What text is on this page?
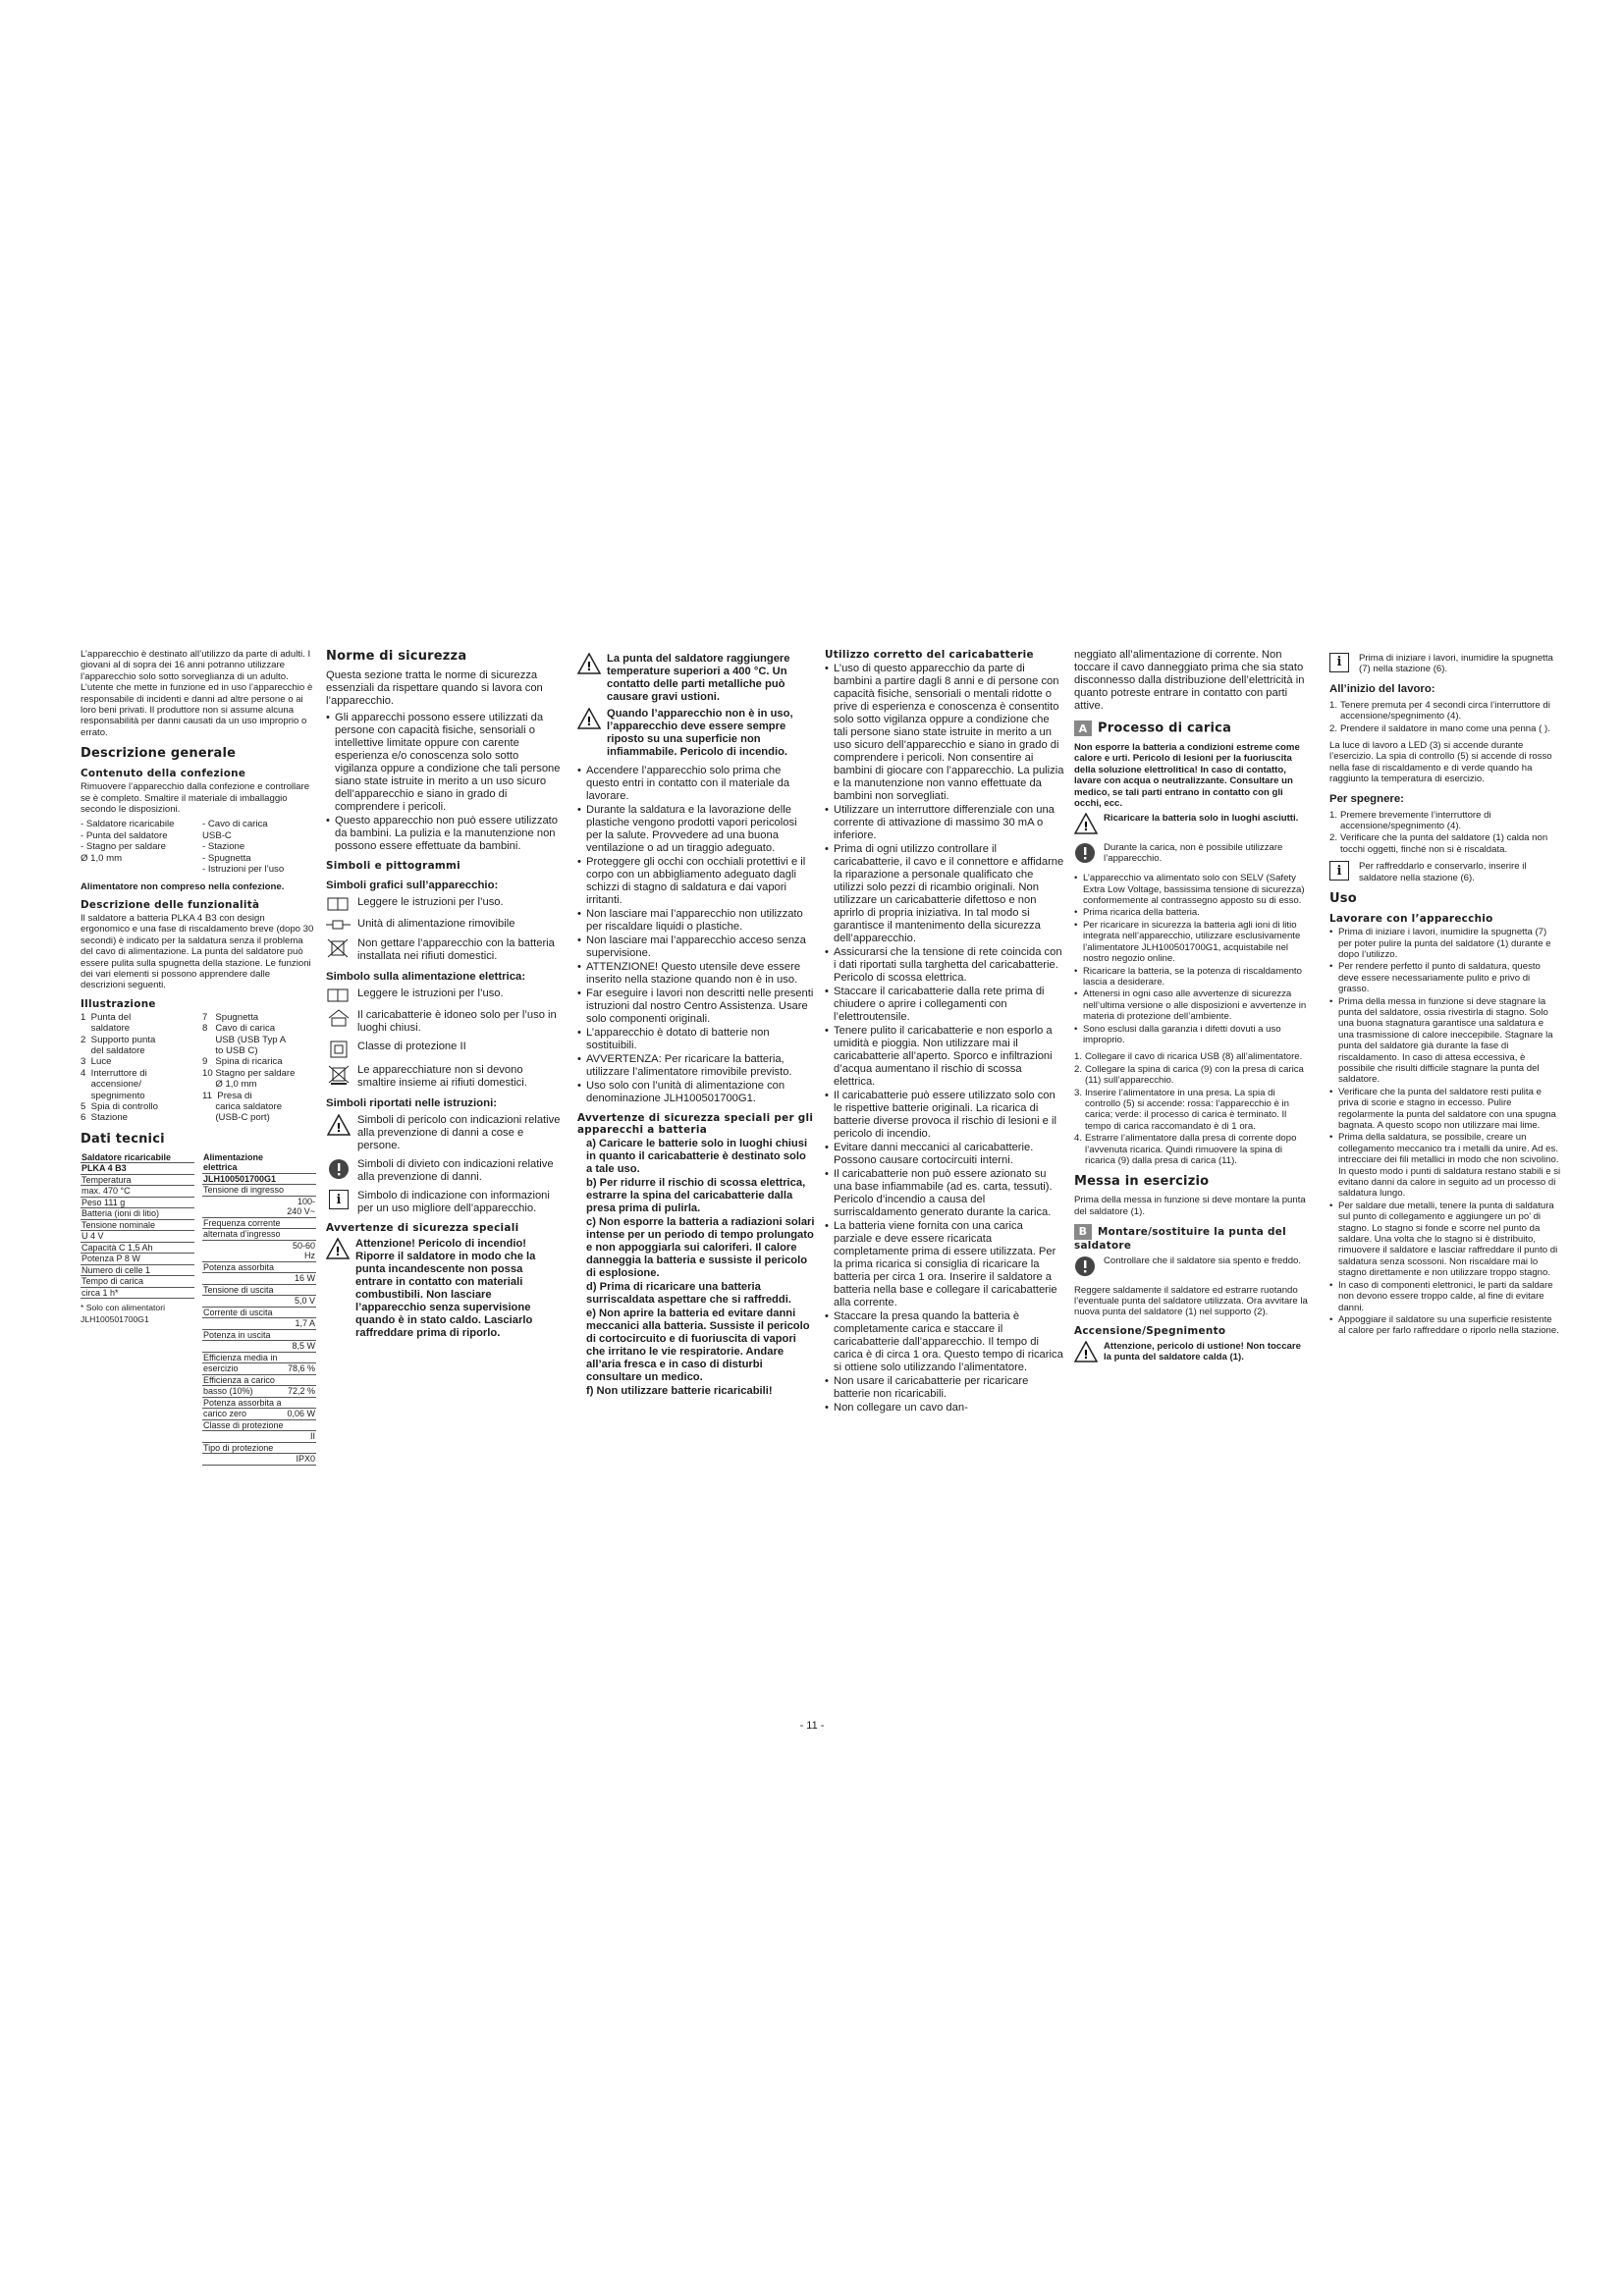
L’apparecchio è destinato all’utilizzo da parte di adulti. I giovani al di sopra dei 16 anni potranno utilizzare l’apparecchio solo sotto sorveglianza di un adulto. L’utente che mette in funzione ed in uso l’apparecchio è responsabile di incidenti e danni ad altre persone o ai loro beni privati. Il produttore non si assume alcuna responsabilità per danni causati da un uso improprio o errato.

Descrizione generale
Contenuto della confezione

Rimuovere l’apparecchio dalla confezione e controllare se è completo. Smaltire il materiale di imballaggio secondo le disposizioni.

- Saldatore ricaricabile
- Punta del saldatore
- Stagno per saldare
Ø 1,0 mm
- Cavo di carica
USB-C
- Stazione
- Spugnetta
- Istruzioni per l’uso

Alimentatore non compreso nella confezione.

Descrizione delle funzionalità

Il saldatore a batteria PLKA 4 B3 con design ergonomico e una fase di riscaldamento breve (dopo 30 secondi) è indicato per la saldatura senza il problema del cavo di alimentazione. La punta del saldatore può essere pulita sulla spugnetta della stazione. Le funzioni dei vari elementi si possono apprendere dalle descrizioni seguenti.

Illustrazione
1  Punta del
saldatore
2  Supporto punta
del saldatore
3  Luce
4  Interruttore di
accensione/
spegnimento
5  Spia di controllo
6  Stazione
7   Spugnetta
8   Cavo di carica
USB (USB Typ A
to USB C)
9   Spina di ricarica
10 Stagno per saldare
Ø 1,0 mm
11  Presa di
carica saldatore
(USB-C port)
Dati tecnici
Saldatore ricaricabile	
PLKA 4 B3	
Temperatura	
max. 470 °C	
Peso 111 g	
Batteria (ioni di litio)	
Tensione nominale	
U 4 V	
Capacità C 1,5 Ah	
Potenza P 8 W	
Numero di celle 1	
Tempo di carica	
circa 1 h*	

* Solo con alimentatori JLH100501700G1

Alimentazione elettrica	
JLH100501700G1	
Tensione di ingresso	
	100-240 V~
Frequenza corrente	
alternata d’ingresso	
	50-60 Hz
Potenza assorbita	
	16 W
Tensione di uscita	
	5,0 V
Corrente di uscita	
	1,7 A
Potenza in uscita	
	8,5 W
Efficienza media in	
esercizio	78,6 %
Efficienza a carico	
basso (10%)	72,2 %
Potenza assorbita a	
carico zero	0,06 W
Classe di protezione	
	II
Tipo di protezione	
	IPX0
Norme di sicurezza

Questa sezione tratta le norme di sicurezza essenziali da rispettare quando si lavora con l’apparecchio.

• Gli apparecchi possono essere utilizzati da persone con capacità fisiche, sensoriali o intellettive limitate oppure con carente esperienza e/o conoscenza solo sotto vigilanza oppure a condizione che tali persone siano state istruite in merito a un uso sicuro dell’apparecchio e siano in grado di comprendere i pericoli.
• Questo apparecchio non può essere utilizzato da bambini. La pulizia e la manutenzione non possono essere effettuate da bambini.
Simboli e pittogrammi
Simboli grafici sull’apparecchio:
Leggere le istruzioni per l’uso.
Unità di alimentazione rimovibile
Non gettare l’apparecchio con la batteria installata nei rifiuti domestici.
Simbolo sulla alimentazione elettrica:
Leggere le istruzioni per l’uso.
Il caricabatterie è idoneo solo per l’uso in luoghi chiusi.
Classe di protezione II
Le apparecchiature non si devono smaltire insieme ai rifiuti domestici.
Simboli riportati nelle istruzioni:
!
Simboli di pericolo con indicazioni relative alla prevenzione di danni a cose e persone.
Simboli di divieto con indicazioni relative alla prevenzione di danni.
i	Simbolo di indicazione con informazioni per un uso migliore dell’apparecchio.
Avvertenze di sicurezza speciali
!
Attenzione! Pericolo di incendio! Riporre il saldatore in modo che la punta incandescente non possa entrare in contatto con materiali combustibili. Non lasciare l’apparecchio senza supervisione quando è in stato caldo. Lasciarlo raffreddare prima di riporlo.
!
La punta del saldatore raggiungere temperature superiori a 400 °C. Un contatto delle parti metalliche può causare gravi ustioni.
!
Quando l’apparecchio non è in uso, l’apparecchio deve essere sempre riposto su una superficie non infiammabile. Pericolo di incendio.
• Accendere l’apparecchio solo prima che questo entri in contatto con il materiale da lavorare.
• Durante la saldatura e la lavorazione delle plastiche vengono prodotti vapori pericolosi per la salute. Provvedere ad una buona ventilazione o ad un tiraggio adeguato.
• Proteggere gli occhi con occhiali protettivi e il corpo con un abbigliamento adeguato dagli schizzi di stagno di saldatura e dai vapori irritanti.
• Non lasciare mai l’apparecchio non utilizzato per riscaldare liquidi o plastiche.
• Non lasciare mai l’apparecchio acceso senza supervisione.
• ATTENZIONE! Questo utensile deve essere inserito nella stazione quando non è in uso.
• Far eseguire i lavori non descritti nelle presenti istruzioni dal nostro Centro Assistenza. Usare solo componenti originali.
• L’apparecchio è dotato di batterie non sostituibili.
• AVVERTENZA: Per ricaricare la batteria, utilizzare l’alimentatore rimovibile previsto.
• Uso solo con l’unità di alimentazione con denominazione JLH100501700G1.
Avvertenze di sicurezza speciali per gli apparecchi a batteria
a) Caricare le batterie solo in luoghi chiusi in quanto il caricabatterie è destinato solo a tale uso.
b) Per ridurre il rischio di scossa elettrica, estrarre la spina del caricabatterie dalla presa prima di pulirla.
c) Non esporre la batteria a radiazioni solari intense per un periodo di tempo prolungato e non appoggiarla sui caloriferi. Il calore danneggia la batteria e sussiste il pericolo di esplosione.
d) Prima di ricaricare una batteria surriscaldata aspettare che si raffreddi.
e) Non aprire la batteria ed evitare danni meccanici alla batteria. Sussiste il pericolo di cortocircuito e di fuoriuscita di vapori che irritano le vie respiratorie. Andare all’aria fresca e in caso di disturbi consultare un medico.
f) Non utilizzare batterie ricaricabili!
Utilizzo corretto del caricabatterie
• L’uso di questo apparecchio da parte di bambini a partire dagli 8 anni e di persone con capacità fisiche, sensoriali o mentali ridotte o prive di esperienza e conoscenza è consentito solo sotto vigilanza oppure a condizione che tali persone siano state istruite in merito a un uso sicuro dell’apparecchio e siano in grado di comprendere i pericoli. Non consentire ai bambini di giocare con l’apparecchio. La pulizia e la manutenzione non vanno effettuate da bambini non sorvegliati.
• Utilizzare un interruttore differenziale con una corrente di attivazione di massimo 30 mA o inferiore.
• Prima di ogni utilizzo controllare il caricabatterie, il cavo e il connettore e affidarne la riparazione a personale qualificato che utilizzi solo pezzi di ricambio originali. Non utilizzare un caricabatterie difettoso e non aprirlo di propria iniziativa. In tal modo si garantisce il mantenimento della sicurezza dell’apparecchio.
• Assicurarsi che la tensione di rete coincida con i dati riportati sulla targhetta del caricabatterie. Pericolo di scossa elettrica.
• Staccare il caricabatterie dalla rete prima di chiudere o aprire i collegamenti con l’elettroutensile.
• Tenere pulito il caricabatterie e non esporlo a umidità e pioggia. Non utilizzare mai il caricabatterie all’aperto. Sporco e infiltrazioni d’acqua aumentano il rischio di scossa elettrica.
• Il caricabatterie può essere utilizzato solo con le rispettive batterie originali. La ricarica di batterie diverse provoca il rischio di lesioni e il pericolo di incendio.
• Evitare danni meccanici al caricabatterie. Possono causare cortocircuiti interni.
• Il caricabatterie non può essere azionato su una base infiammabile (ad es. carta, tessuti). Pericolo d’incendio a causa del surriscaldamento generato durante la carica.
• La batteria viene fornita con una carica parziale e deve essere ricaricata completamente prima di essere utilizzata. Per la prima ricarica si consiglia di ricaricare la batteria per circa 1 ora. Inserire il saldatore a batteria nella base e collegare il caricabatterie alla corrente.
• Staccare la presa quando la batteria è completamente carica e staccare il caricabatterie dall’apparecchio. Il tempo di carica è di circa 1 ora. Questo tempo di ricarica si ottiene solo utilizzando l’alimentatore.
• Non usare il caricabatterie per ricaricare batterie non ricaricabili.
• Non collegare un cavo dan-

neggiato all’alimentazione di corrente. Non toccare il cavo danneggiato prima che sia stato disconnesso dalla distribuzione dell’elettricità in quanto potreste entrare in contatto con parti attive.

A Processo di carica

Non esporre la batteria a condizioni estreme come calore e urti. Pericolo di lesioni per la fuoriuscita della soluzione elettrolitica! In caso di contatto, lavare con acqua o neutralizzante. Consultare un medico, se tali parti entrano in contatto con gli occhi, ecc.

!
Ricaricare la batteria solo in luoghi asciutti.
Durante la carica, non è possibile utilizzare l’apparecchio.
• L’apparecchio va alimentato solo con SELV (Safety Extra Low Voltage, bassissima tensione di sicurezza) conformemente al contrassegno apposto su di esso.
• Prima ricarica della batteria.
• Per ricaricare in sicurezza la batteria agli ioni di litio integrata nell’apparecchio, utilizzare esclusivamente l’alimentatore JLH100501700G1, acquistabile nel nostro negozio online.
• Ricaricare la batteria, se la potenza di riscaldamento lascia a desiderare.
• Attenersi in ogni caso alle avvertenze di sicurezza nell’ultima versione o alle disposizioni e avvertenze in materia di protezione dell’ambiente.
• Sono esclusi dalla garanzia i difetti dovuti a uso improprio.
1. Collegare il cavo di ricarica USB (8) all’alimentatore.
2. Collegare la spina di carica (9) con la presa di carica (11) sull’apparecchio.
3. Inserire l’alimentatore in una presa. La spia di controllo (5) si accende: rossa: l’apparecchio è in carica; verde: il processo di carica è terminato. Il tempo di carica raccomandato è di 1 ora.
4. Estrarre l’alimentatore dalla presa di corrente dopo l’avvenuta ricarica. Quindi rimuovere la spina di ricarica (9) dalla presa di carica (11).
Messa in esercizio

Prima della messa in funzione si deve montare la punta del saldatore (1).

B Montare/sostituire la punta del saldatore
Controllare che il saldatore sia spento e freddo.

Reggere saldamente il saldatore ed estrarre ruotando l’eventuale punta del saldatore utilizzata. Ora avvitare la nuova punta del saldatore (1) nel supporto (2).

Accensione/Spegnimento
!
Attenzione, pericolo di ustione! Non toccare la punta del saldatore calda (1).
i	Prima di iniziare i lavori, inumidire la spugnetta (7) nella stazione (6).
All’inizio del lavoro:
1. Tenere premuta per 4 secondi circa l’interruttore di accensione/spegnimento (4).
2. Prendere il saldatore in mano come una penna ( ).

La luce di lavoro a LED (3) si accende durante l’esercizio. La spia di controllo (5) si accende di rosso nella fase di riscaldamento e di verde quando ha raggiunto la temperatura di esercizio.

Per spegnere:
1. Premere brevemente l’interruttore di accensione/spegnimento (4).
2. Verificare che la punta del saldatore (1) calda non tocchi oggetti, finché non si è riscaldata.
i	Per raffreddarlo e conservarlo, inserire il saldatore nella stazione (6).
Uso
Lavorare con l’apparecchio
• Prima di iniziare i lavori, inumidire la spugnetta (7) per poter pulire la punta del saldatore (1) durante e dopo l’utilizzo.
• Per rendere perfetto il punto di saldatura, questo deve essere necessariamente pulito e privo di grasso.
• Prima della messa in funzione si deve stagnare la punta del saldatore, ossia rivestirla di stagno. Solo una buona stagnatura garantisce una saldatura e una trasmissione di calore ineccepibile. Stagnare la punta del saldatore già durante la fase di riscaldamento. In caso di attesa eccessiva, è possibile che risulti difficile stagnare la punta del saldatore.
• Verificare che la punta del saldatore resti pulita e priva di scorie e stagno in eccesso. Pulire regolarmente la punta del saldatore con una spugna bagnata. A questo scopo non utilizzare mai lime.
• Prima della saldatura, se possibile, creare un collegamento meccanico tra i metalli da unire. Ad es. intrecciare dei fili metallici in modo che non scivolino. In questo modo i punti di saldatura restano stabili e si evitano danni da calore in seguito ad un processo di saldatura lungo.
• Per saldare due metalli, tenere la punta di saldatura sul punto di collegamento e aggiungere un po’ di stagno. Lo stagno si fonde e scorre nel punto da saldare. Una volta che lo stagno si è distribuito, rimuovere il saldatore e lasciar raffreddare il punto di saldatura senza scossoni. Non riscaldare mai lo stagno direttamente e non utilizzare troppo stagno.
• In caso di componenti elettronici, le parti da saldare non devono essere troppo calde, al fine di evitare danni.
• Appoggiare il saldatore su una superficie resistente al calore per farlo raffreddare o riporlo nella stazione.
- 11 -
